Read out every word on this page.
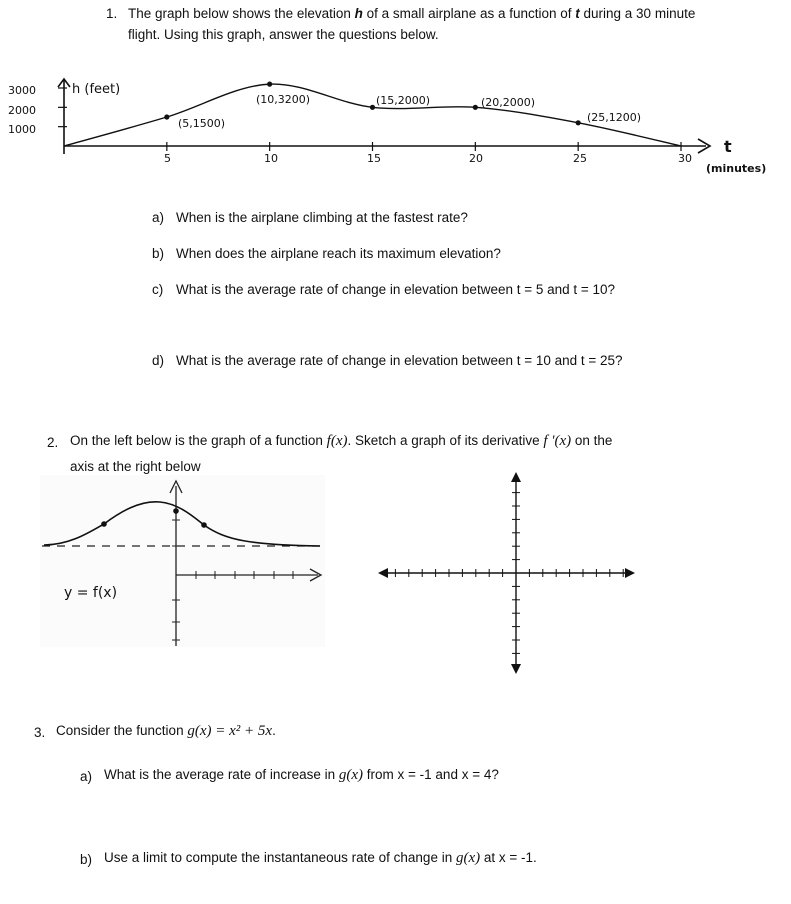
1. The graph below shows the elevation h of a small airplane as a function of t during a 30 minute
flight. Using this graph, answer the questions below.
h (feet)
3000
2000
1000
5	10	15	20	25	30
t
(minutes)
(5,1500)
(10,3200)	(15,2000)	(20,2000)
(25,1200)
a) When is the airplane climbing at the fastest rate?
b) When does the airplane reach its maximum elevation?
c) What is the average rate of change in elevation between t = 5 and t = 10?
d) What is the average rate of change in elevation between t = 10 and t = 25?
2. On the left below is the graph of a function f(x). Sketch a graph of its derivative f '(x) on the
axis at the right below
y = f(x)
3. Consider the function g(x) = x² + 5x.
a) What is the average rate of increase in g(x) from x = -1 and x = 4?
b) Use a limit to compute the instantaneous rate of change in g(x) at x = -1.
